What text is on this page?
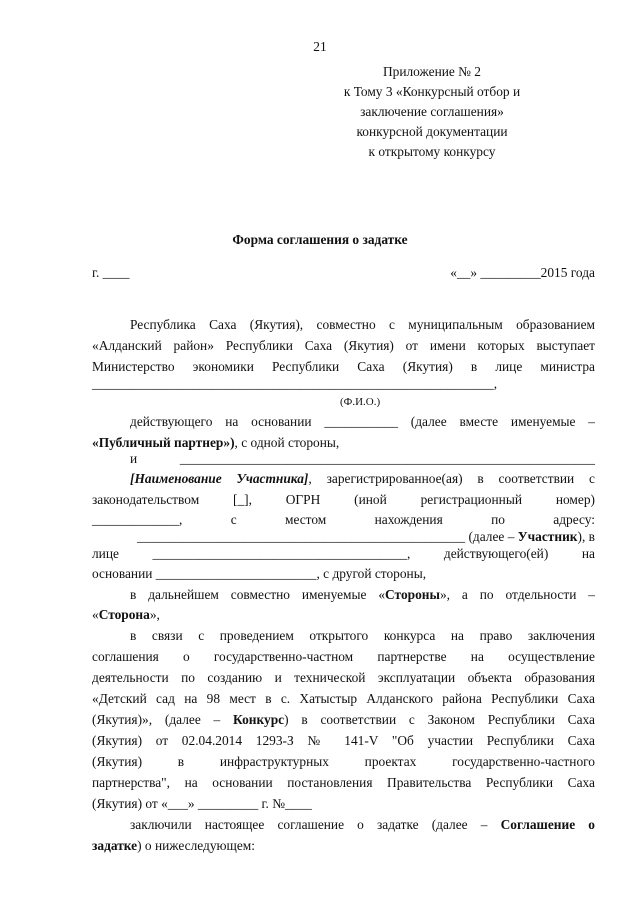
21
Приложение № 2
к Тому 3 «Конкурсный отбор и
заключение соглашения»
конкурсной документации
к открытому конкурсу
Форма соглашения о задатке
г. ____	«__» _________2015 года
Республика Саха (Якутия), совместно с муниципальным образованием
«Алданский район» Республики Саха (Якутия) от имени которых выступает
Министерство экономики Республики Саха (Якутия) в лице министра
____________________________________________________________,
(Ф.И.О.)
действующего на основании ___________ (далее вместе именуемые –
«Публичный партнер»), с одной стороны,
и ______________________________________________________________
[Наименование Участника], зарегистрированное(ая) в соответствии с
законодательством [_], ОГРН (иной регистрационный номер)
_____________, с местом нахождения по адресу:
_________________________________________________ (далее – Участник), в
лице ______________________________________, действующего(ей) на
основании ________________________, с другой стороны,
в дальнейшем совместно именуемые «Стороны», а по отдельности –
«Сторона»,
в связи с проведением открытого конкурса на право заключения
соглашения о государственно-частном партнерстве на осуществление
деятельности по созданию и технической эксплуатации объекта образования
«Детский сад на 98 мест в с. Хатыстыр Алданского района Республики Саха
(Якутия)», (далее – Конкурс) в соответствии с Законом Республики Саха
(Якутия) от 02.04.2014 1293-З № 141-V "Об участии Республики Саха
(Якутия) в инфраструктурных проектах государственно-частного
партнерства", на основании постановления Правительства Республики Саха
(Якутия) от «___» _________ г. №____
заключили настоящее соглашение о задатке (далее – Соглашение о
задатке) о нижеследующем:
